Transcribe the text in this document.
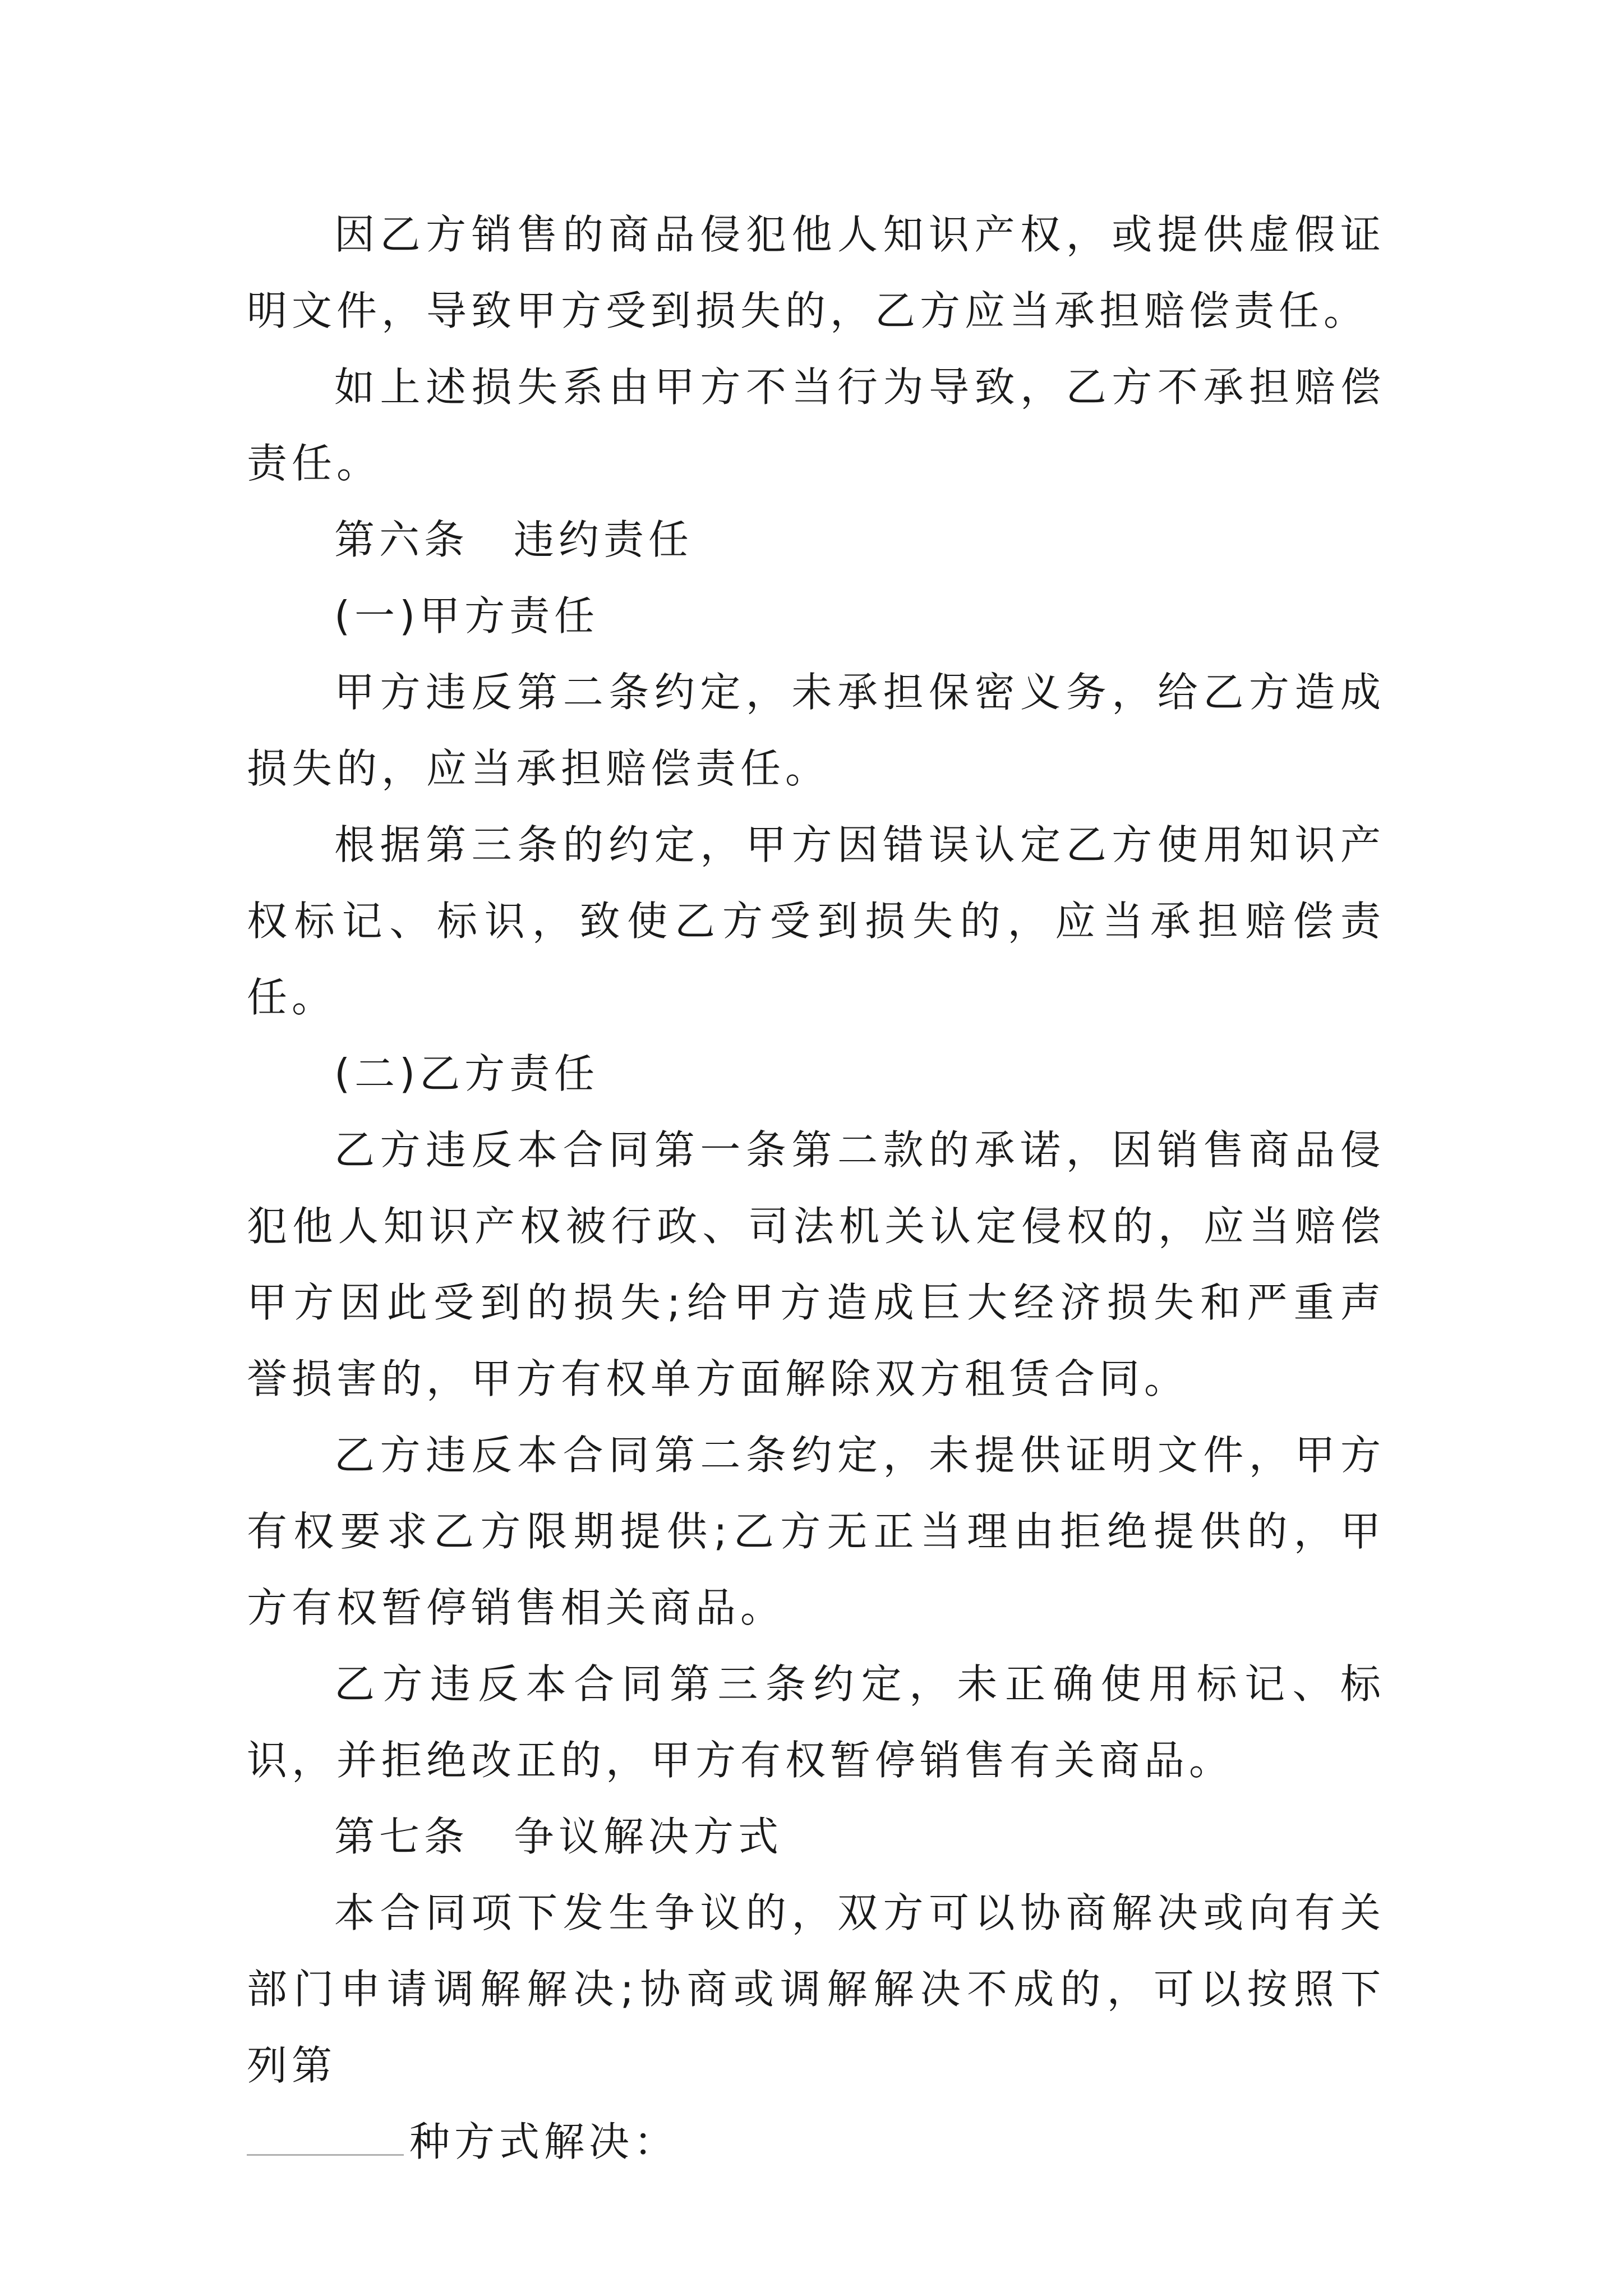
因乙方销售的商品侵犯他人知识产权，或提供虚假证明文件，导致甲方受到损失的，乙方应当承担赔偿责任。

如上述损失系由甲方不当行为导致，乙方不承担赔偿责任。

第六条　违约责任

(一)甲方责任

甲方违反第二条约定，未承担保密义务，给乙方造成损失的，应当承担赔偿责任。

根据第三条的约定，甲方因错误认定乙方使用知识产权标记、标识，致使乙方受到损失的，应当承担赔偿责任。

(二)乙方责任

乙方违反本合同第一条第二款的承诺，因销售商品侵犯他人知识产权被行政、司法机关认定侵权的，应当赔偿甲方因此受到的损失;给甲方造成巨大经济损失和严重声誉损害的，甲方有权单方面解除双方租赁合同。

乙方违反本合同第二条约定，未提供证明文件，甲方有权要求乙方限期提供;乙方无正当理由拒绝提供的，甲方有权暂停销售相关商品。

乙方违反本合同第三条约定，未正确使用标记、标识，并拒绝改正的，甲方有权暂停销售有关商品。

第七条　争议解决方式

本合同项下发生争议的，双方可以协商解决或向有关部门申请调解解决;协商或调解解决不成的，可以按照下列第

种方式解决：
